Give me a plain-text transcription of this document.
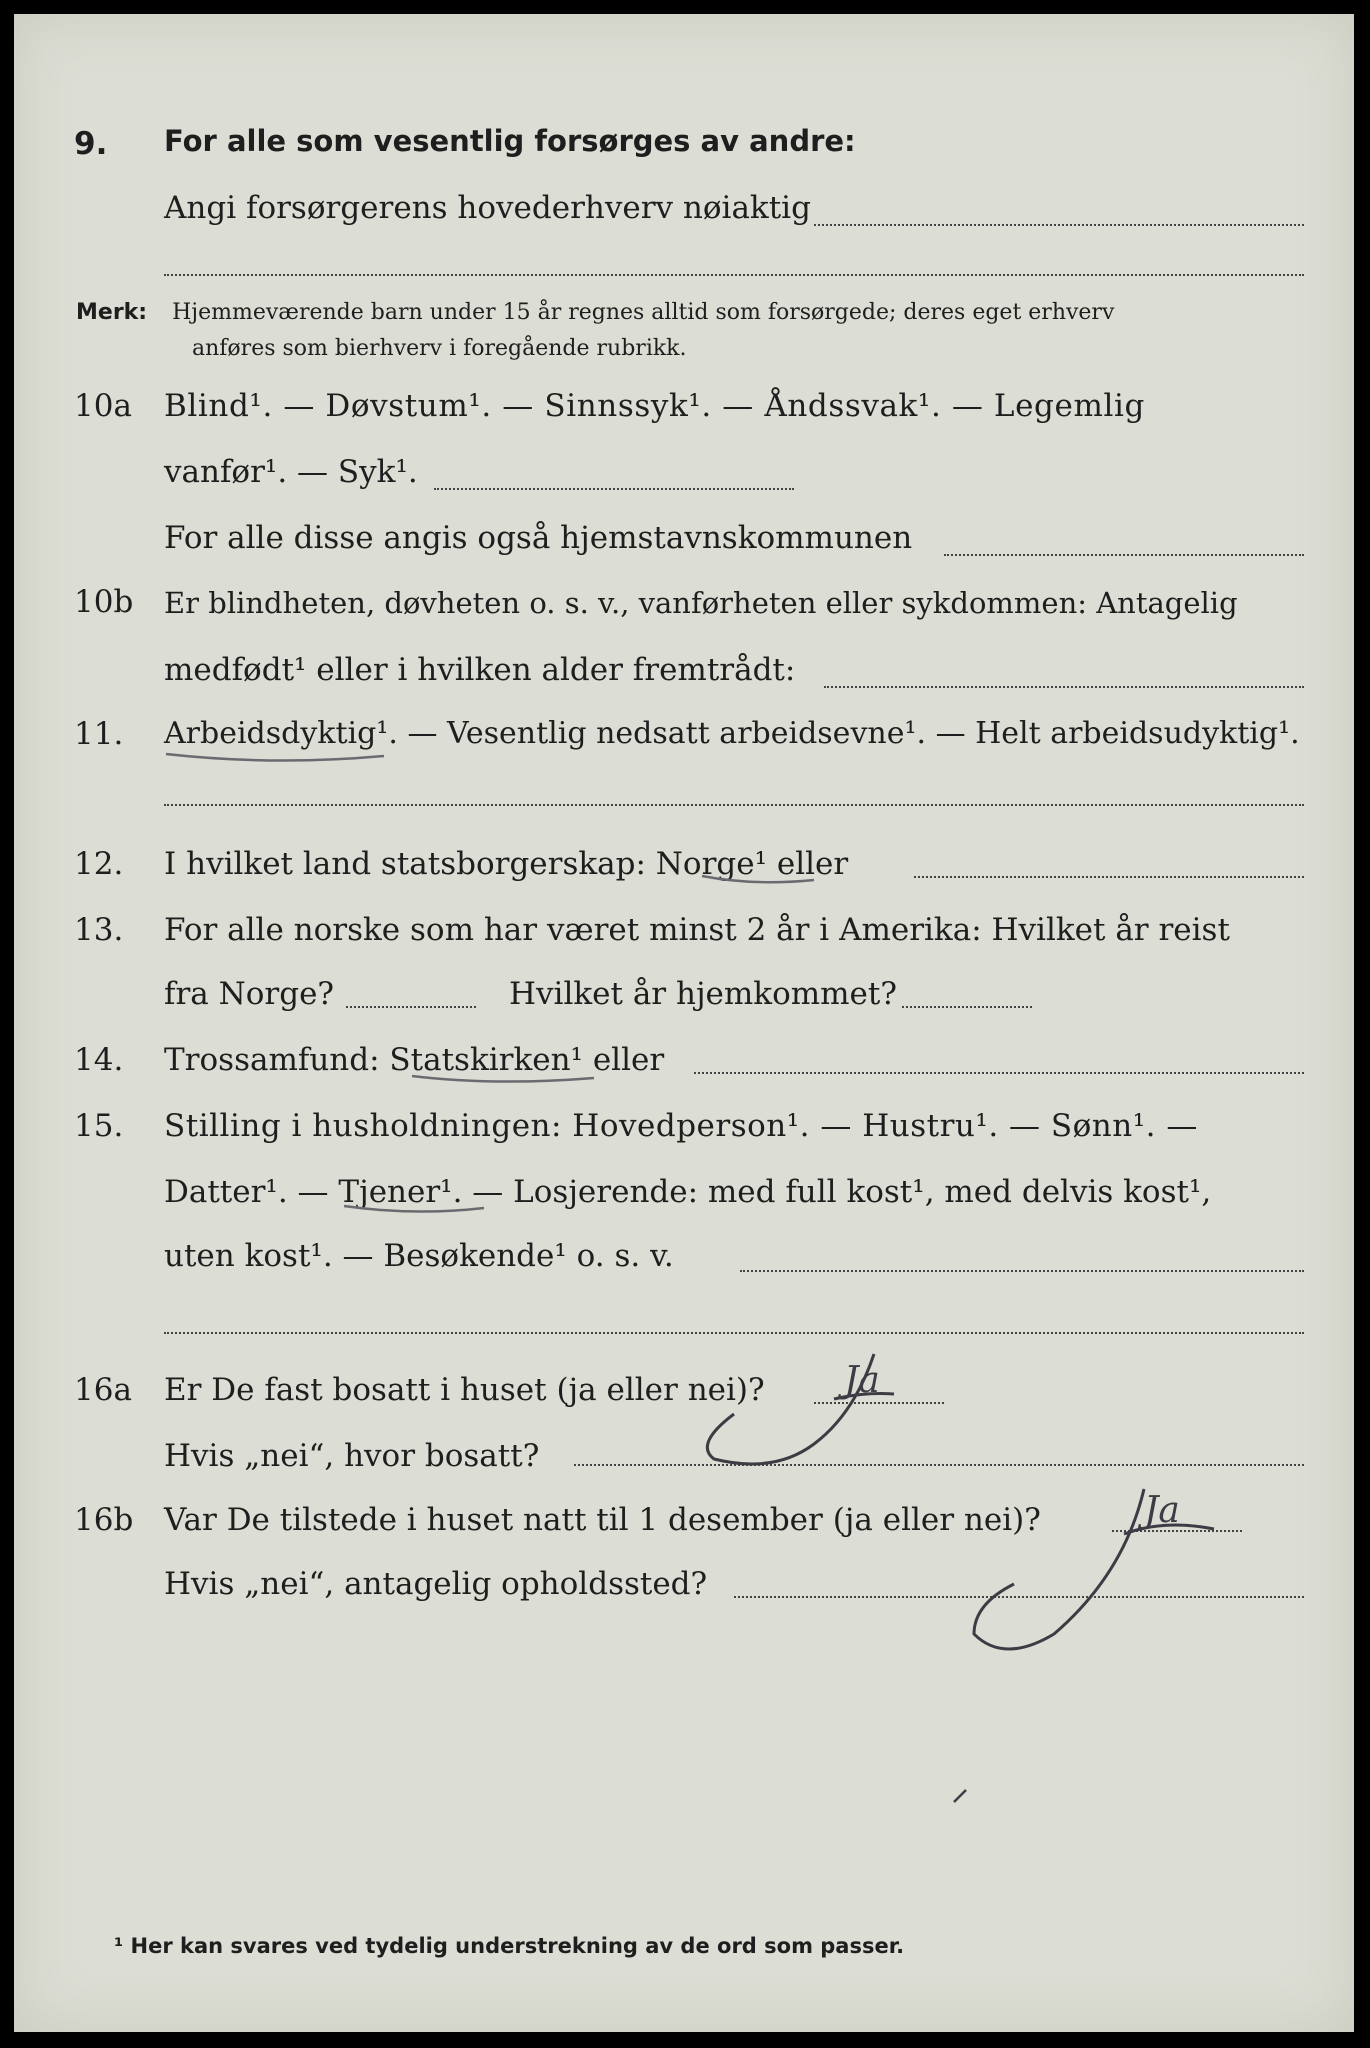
9.	For alle som vesentlig forsørges av andre:
Angi forsørgerens hovederhverv nøiaktig
Merk: Hjemmeværende barn under 15 år regnes alltid som forsørgede; deres eget erhverv
anføres som bierhverv i foregående rubrikk.
10a	Blind¹. — Døvstum¹. — Sinnssyk¹. — Åndssvak¹. — Legemlig
vanfør¹. — Syk¹.
For alle disse angis også hjemstavnskommunen
10b	Er blindheten, døvheten o. s. v., vanførheten eller sykdommen: Antagelig
medfødt¹ eller i hvilken alder fremtrådt:
11.	Arbeidsdyktig¹. — Vesentlig nedsatt arbeidsevne¹. — Helt arbeidsudyktig¹.
12.	I hvilket land statsborgerskap: Norge¹ eller
13.	For alle norske som har været minst 2 år i Amerika: Hvilket år reist
fra Norge?	Hvilket år hjemkommet?
14.	Trossamfund: Statskirken¹ eller
15.	Stilling i husholdningen: Hovedperson¹. — Hustru¹. — Sønn¹. —
Datter¹. — Tjener¹. — Losjerende: med full kost¹, med delvis kost¹,
uten kost¹. — Besøkende¹ o. s. v.
16a	Er De fast bosatt i huset (ja eller nei)?
Hvis „nei“, hvor bosatt?
16b Var De tilstede i huset natt til 1 desember (ja eller nei)?
Hvis „nei“, antagelig opholdssted?
Ja
Ja
¹ Her kan svares ved tydelig understrekning av de ord som passer.
